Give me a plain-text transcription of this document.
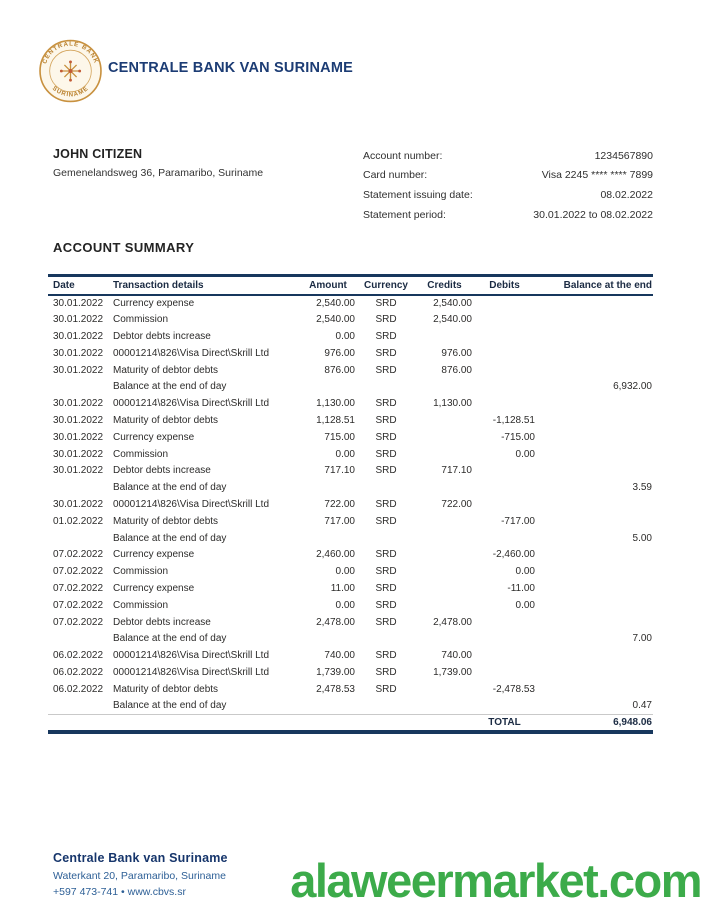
CENTRALE BANK
SURINAME
CENTRALE BANK VAN SURINAME
JOHN CITIZEN
Gemenelandsweg 36, Paramaribo, Suriname
Account number:	1234567890
Card number:	Visa 2245 **** **** 7899
Statement issuing date:	08.02.2022
Statement period:	30.01.2022 to 08.02.2022
ACCOUNT SUMMARY
Date	Transaction details	Amount	Currency	Credits	Debits	Balance at the end
30.01.2022	Currency expense	2,540.00	SRD	2,540.00		
30.01.2022	Commission	2,540.00	SRD	2,540.00		
30.01.2022	Debtor debts increase	0.00	SRD			
30.01.2022	00001214\826\Visa Direct\Skrill Ltd	976.00	SRD	976.00		
30.01.2022	Maturity of debtor debts	876.00	SRD	876.00		
	Balance at the end of day					6,932.00
30.01.2022	00001214\826\Visa Direct\Skrill Ltd	1,130.00	SRD	1,130.00		
30.01.2022	Maturity of debtor debts	1,128.51	SRD		-1,128.51	
30.01.2022	Currency expense	715.00	SRD		-715.00	
30.01.2022	Commission	0.00	SRD		0.00	
30.01.2022	Debtor debts increase	717.10	SRD	717.10		
	Balance at the end of day					3.59
30.01.2022	00001214\826\Visa Direct\Skrill Ltd	722.00	SRD	722.00		
01.02.2022	Maturity of debtor debts	717.00	SRD		-717.00	
	Balance at the end of day					5.00
07.02.2022	Currency expense	2,460.00	SRD		-2,460.00	
07.02.2022	Commission	0.00	SRD		0.00	
07.02.2022	Currency expense	11.00	SRD		-11.00	
07.02.2022	Commission	0.00	SRD		0.00	
07.02.2022	Debtor debts increase	2,478.00	SRD	2,478.00		
	Balance at the end of day					7.00
06.02.2022	00001214\826\Visa Direct\Skrill Ltd	740.00	SRD	740.00		
06.02.2022	00001214\826\Visa Direct\Skrill Ltd	1,739.00	SRD	1,739.00		
06.02.2022	Maturity of debtor debts	2,478.53	SRD		-2,478.53	
	Balance at the end of day					0.47
					TOTAL	6,948.06
Centrale Bank van Suriname
Waterkant 20, Paramaribo, Suriname
+597 473-741 • www.cbvs.sr	alaweermarket.com
